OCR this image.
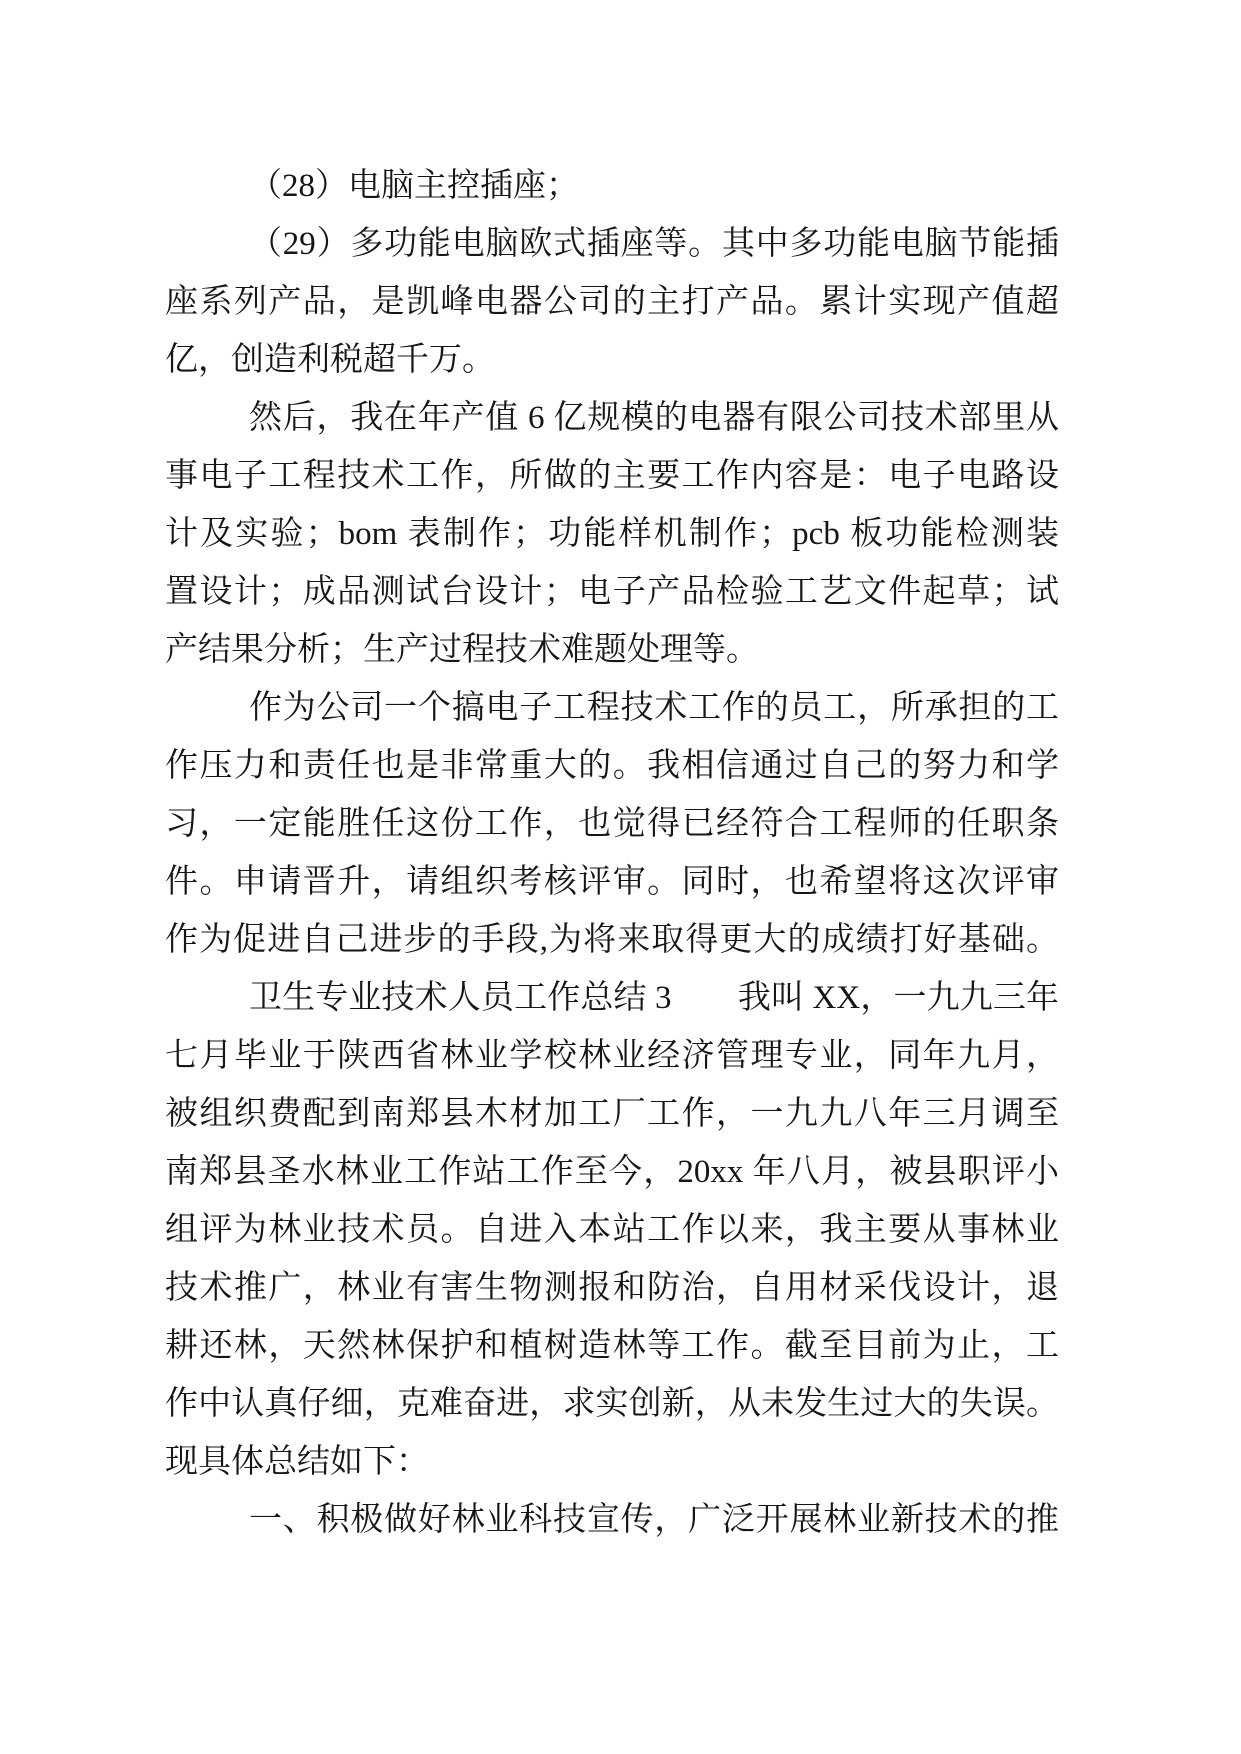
（28）电脑主控插座；
（29）多功能电脑欧式插座等。其中多功能电脑节能插
座系列产品，是凯峰电器公司的主打产品。累计实现产值超
亿，创造利税超千万。
然后，我在年产值 6 亿规模的电器有限公司技术部里从
事电子工程技术工作，所做的主要工作内容是：电子电路设
计及实验；bom 表制作；功能样机制作；pcb 板功能检测装
置设计；成品测试台设计；电子产品检验工艺文件起草；试
产结果分析；生产过程技术难题处理等。
作为公司一个搞电子工程技术工作的员工，所承担的工
作压力和责任也是非常重大的。我相信通过自己的努力和学
习，一定能胜任这份工作，也觉得已经符合工程师的任职条
件。申请晋升，请组织考核评审。同时，也希望将这次评审
作为促进自己进步的手段,为将来取得更大的成绩打好基础。
卫生专业技术人员工作总结 3　　我叫 XX，一九九三年
七月毕业于陕西省林业学校林业经济管理专业，同年九月，
被组织费配到南郑县木材加工厂工作，一九九八年三月调至
南郑县圣水林业工作站工作至今，20xx 年八月，被县职评小
组评为林业技术员。自进入本站工作以来，我主要从事林业
技术推广，林业有害生物测报和防治，自用材采伐设计，退
耕还林，天然林保护和植树造林等工作。截至目前为止，工
作中认真仔细，克难奋进，求实创新，从未发生过大的失误。
现具体总结如下：
一、积极做好林业科技宣传，广泛开展林业新技术的推
